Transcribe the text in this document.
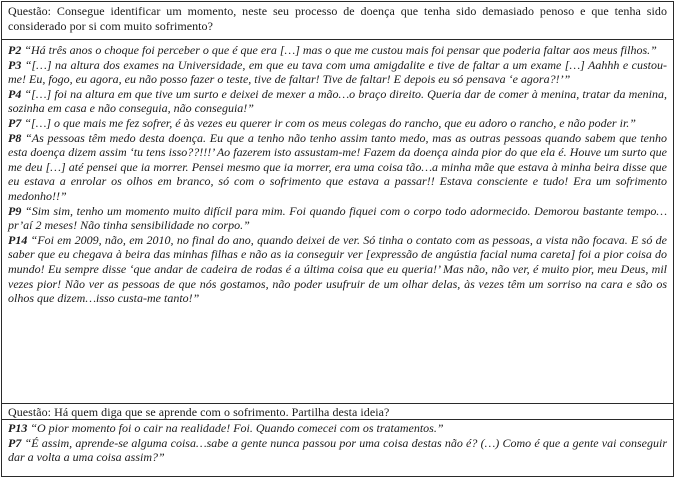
Questão: Consegue identificar um momento, neste seu processo de doença que tenha sido demasiado penoso e que tenha sido considerado por si com muito sofrimento?

P2 “Há três anos o choque foi perceber o que é que era […] mas o que me custou mais foi pensar que poderia faltar aos meus filhos.”

P3 “[…] na altura dos exames na Universidade, em que eu tava com uma amigdalite e tive de faltar a um exame […] Aahhh e custou-me! Eu, fogo, eu agora, eu não posso fazer o teste, tive de faltar! Tive de faltar! E depois eu só pensava ‘e agora?!’”

P4 “[…] foi na altura em que tive um surto e deixei de mexer a mão…o braço direito. Queria dar de comer à menina, tratar da menina, sozinha em casa e não conseguia, não conseguia!”

P7 “[…] o que mais me fez sofrer, é às vezes eu querer ir com os meus colegas do rancho, que eu adoro o rancho, e não poder ir.”

P8 “As pessoas têm medo desta doença. Eu que a tenho não tenho assim tanto medo, mas as outras pessoas quando sabem que tenho esta doença dizem assim ‘tu tens isso??!!!’ Ao fazerem isto assustam-me! Fazem da doença ainda pior do que ela é. Houve um surto que me deu […] até pensei que ia morrer. Pensei mesmo que ia morrer, era uma coisa tão…a minha mãe que estava à minha beira disse que eu estava a enrolar os olhos em branco, só com o sofrimento que estava a passar!! Estava consciente e tudo! Era um sofrimento medonho!!”

P9 “Sim sim, tenho um momento muito difícil para mim. Foi quando fiquei com o corpo todo adormecido. Demorou bastante tempo…pr’aí 2 meses! Não tinha sensibilidade no corpo.”

P14 “Foi em 2009, não, em 2010, no final do ano, quando deixei de ver. Só tinha o contato com as pessoas, a vista não focava. E só de saber que eu chegava à beira das minhas filhas e não as ia conseguir ver [expressão de angústia facial numa careta] foi a pior coisa do mundo! Eu sempre disse ‘que andar de cadeira de rodas é a última coisa que eu queria!’ Mas não, não ver, é muito pior, meu Deus, mil vezes pior! Não ver as pessoas de que nós gostamos, não poder usufruir de um olhar delas, às vezes têm um sorriso na cara e são os olhos que dizem…isso custa-me tanto!”

Questão: Há quem diga que se aprende com o sofrimento. Partilha desta ideia?

P13 “O pior momento foi o cair na realidade! Foi. Quando comecei com os tratamentos.”

P7 “É assim, aprende-se alguma coisa…sabe a gente nunca passou por uma coisa destas não é? (…) Como é que a gente vai conseguir dar a volta a uma coisa assim?”
